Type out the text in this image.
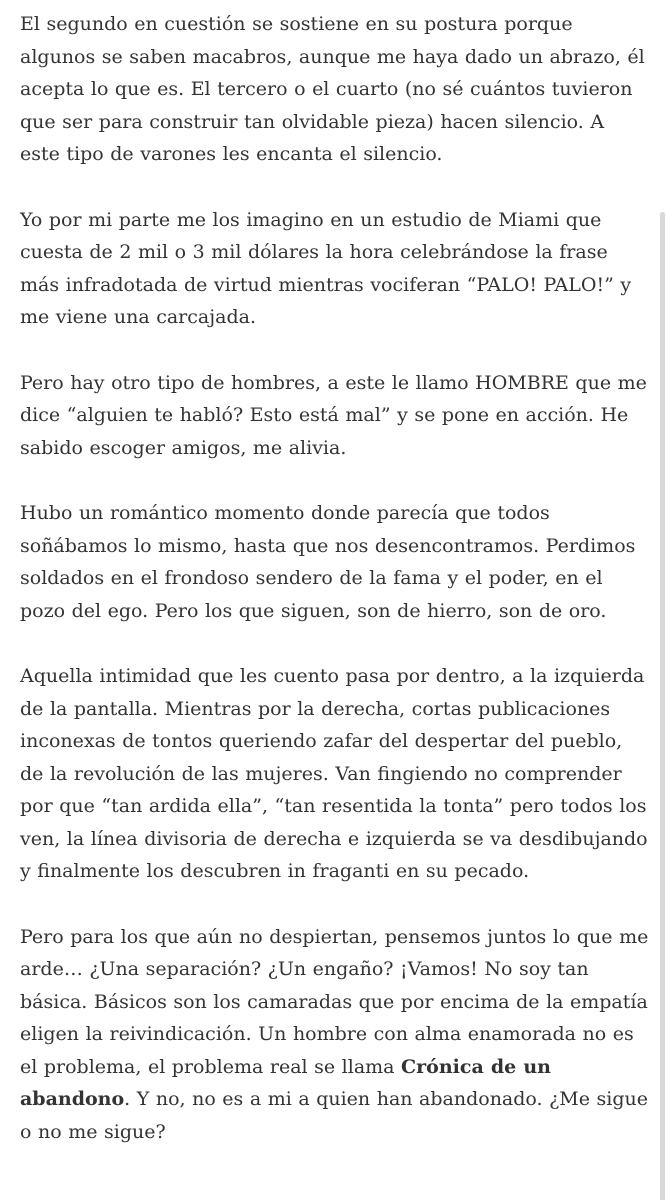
El segundo en cuestión se sostiene en su postura porque algunos se saben macabros, aunque me haya dado un abrazo, él acepta lo que es. El tercero o el cuarto (no sé cuántos tuvieron que ser para construir tan olvidable pieza) hacen silencio. A este tipo de varones les encanta el silencio.

Yo por mi parte me los imagino en un estudio de Miami que cuesta de 2 mil o 3 mil dólares la hora celebrándose la frase más infradotada de virtud mientras vociferan “PALO! PALO!” y me viene una carcajada.

Pero hay otro tipo de hombres, a este le llamo HOMBRE que me dice “alguien te habló? Esto está mal” y se pone en acción. He sabido escoger amigos, me alivia.

Hubo un romántico momento donde parecía que todos soñábamos lo mismo, hasta que nos desencontramos. Perdimos soldados en el frondoso sendero de la fama y el poder, en el pozo del ego. Pero los que siguen, son de hierro, son de oro.

Aquella intimidad que les cuento pasa por dentro, a la izquierda de la pantalla. Mientras por la derecha, cortas publicaciones inconexas de tontos queriendo zafar del despertar del pueblo, de la revolución de las mujeres. Van fingiendo no comprender por que “tan ardida ella”, “tan resentida la tonta” pero todos los ven, la línea divisoria de derecha e izquierda se va desdibujando y finalmente los descubren in fraganti en su pecado.

Pero para los que aún no despiertan, pensemos juntos lo que me arde… ¿Una separación? ¿Un engaño? ¡Vamos! No soy tan básica. Básicos son los camaradas que por encima de la empatía eligen la reivindicación. Un hombre con alma enamorada no es el problema, el problema real se llama Crónica de un abandono. Y no, no es a mi a quien han abandonado. ¿Me sigue o no me sigue?
